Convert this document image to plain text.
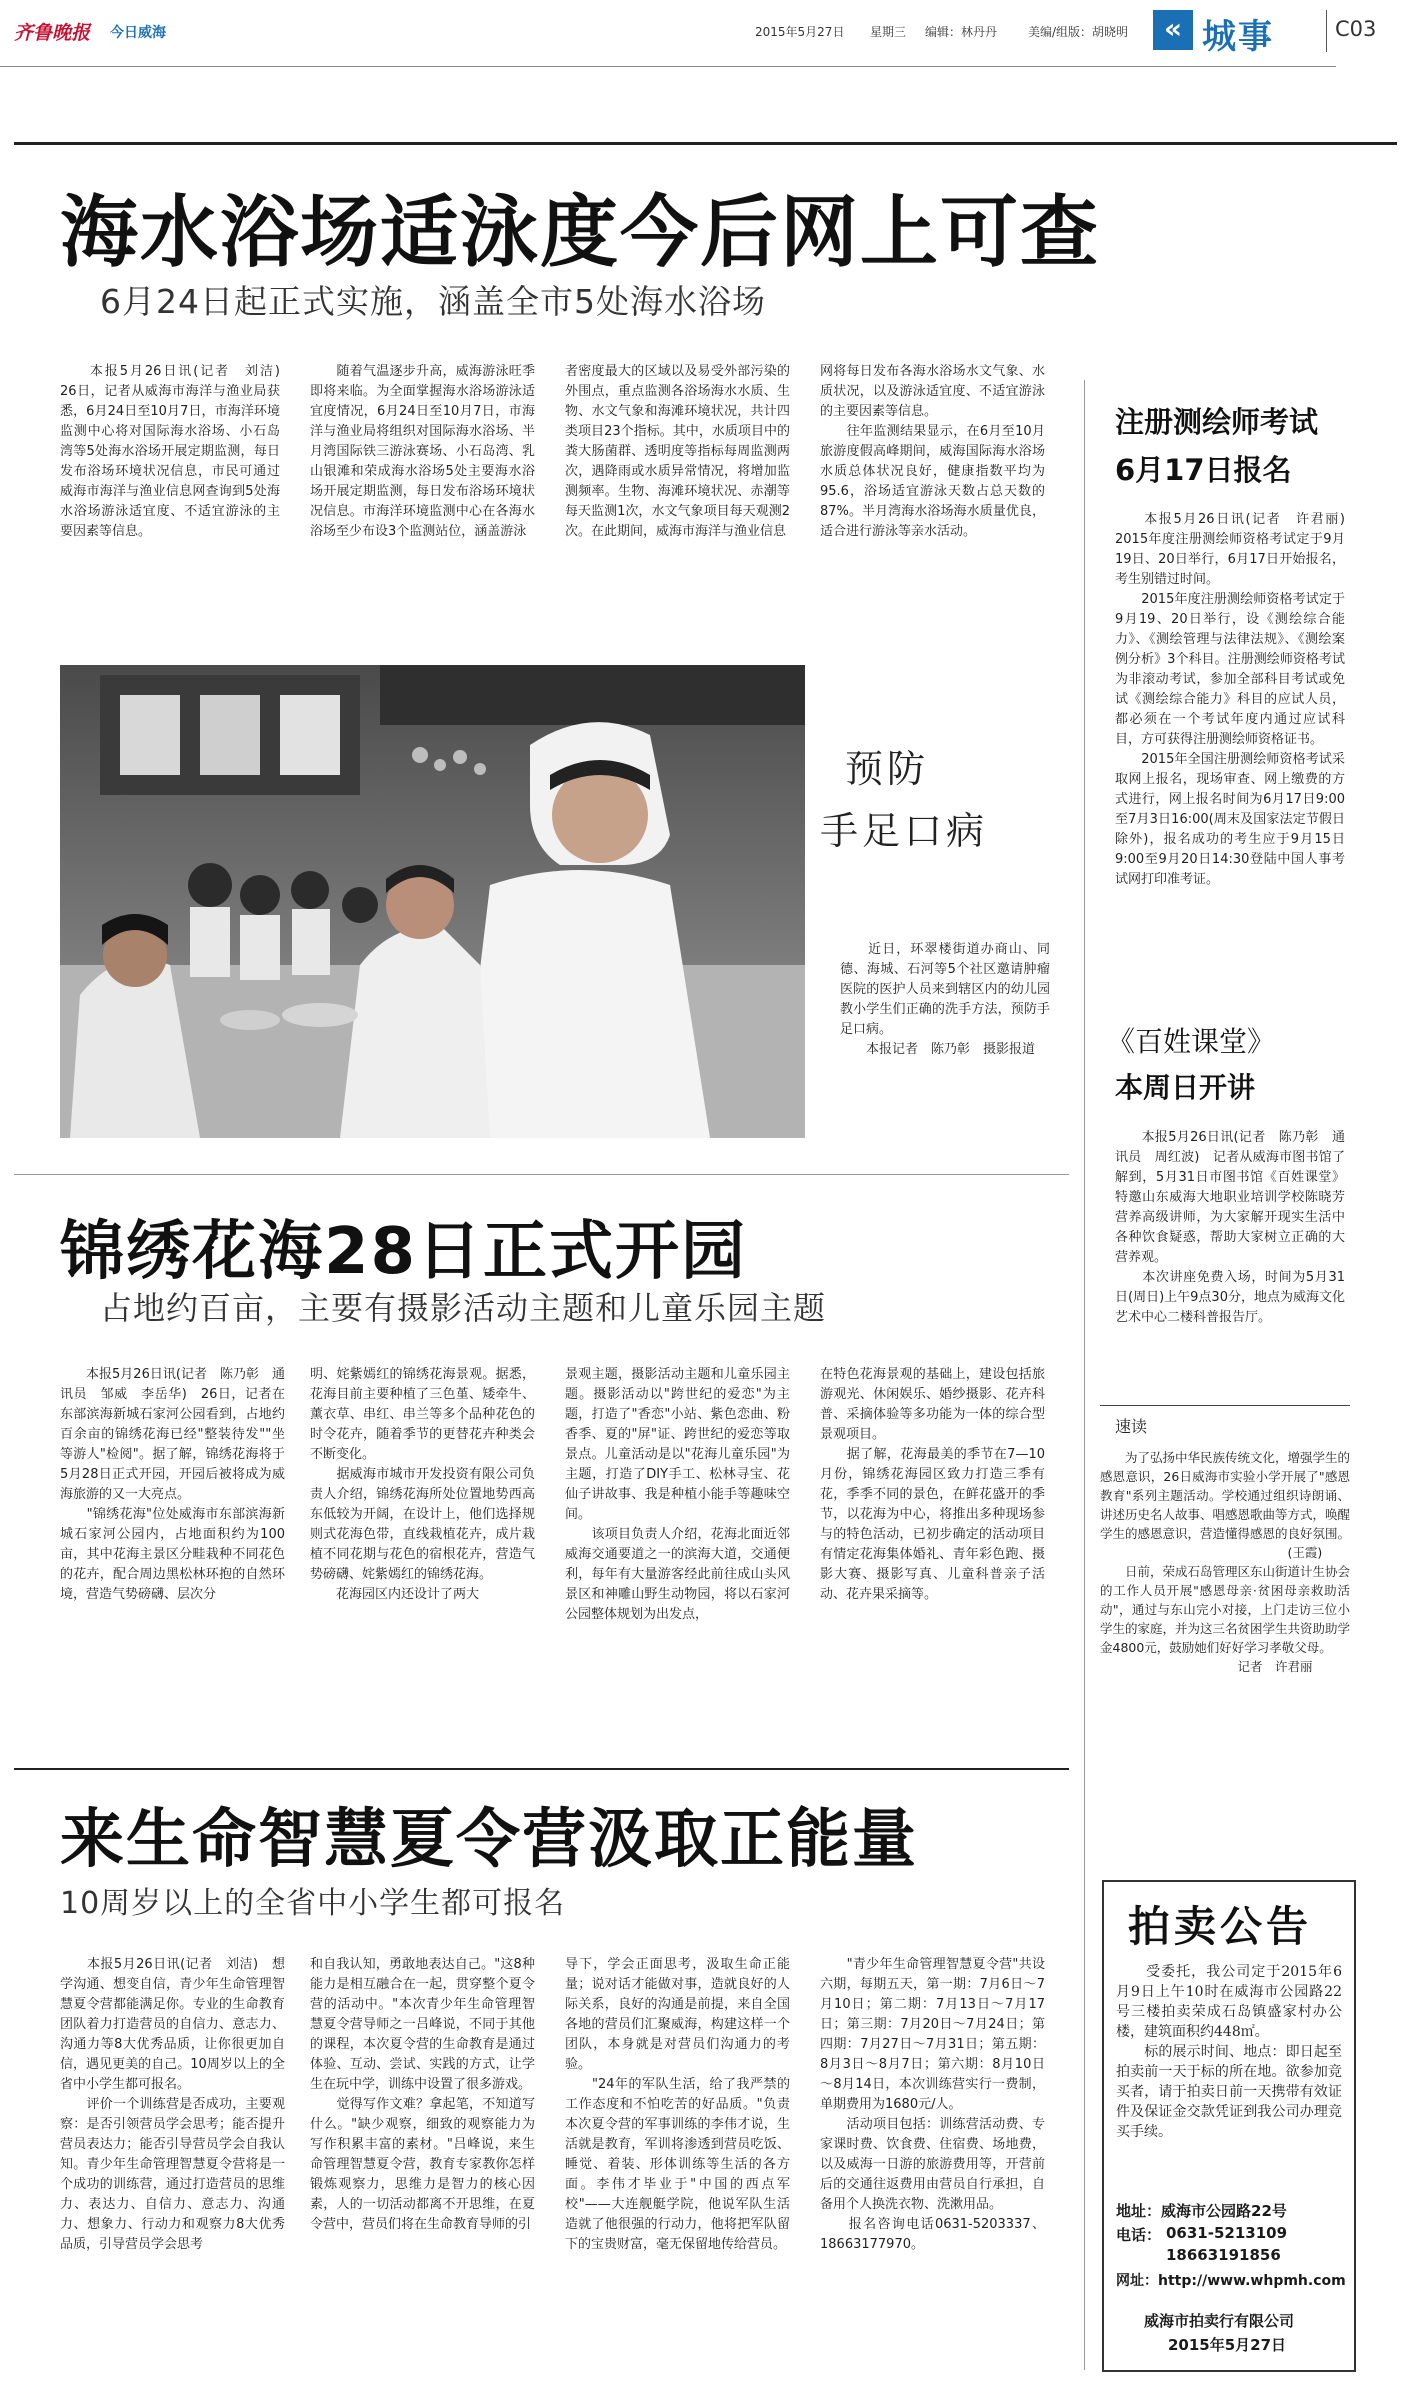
齐鲁晚报 今日威海	2015年5月27日 星期三 编辑：林丹丹	美编/组版：胡晓明	« 城事	C03
海水浴场适泳度今后网上可查
6月24日起正式实施，涵盖全市5处海水浴场
　　本报5月26日讯(记者　刘洁)　26日，记者从威海市海洋与渔业局获悉，6月24日至10月7日，市海洋环境监测中心将对国际海水浴场、小石岛湾等5处海水浴场开展定期监测，每日发布浴场环境状况信息，市民可通过威海市海洋与渔业信息网查询到5处海水浴场游泳适宜度、不适宜游泳的主要因素等信息。
　　随着气温逐步升高，威海游泳旺季即将来临。为全面掌握海水浴场游泳适宜度情况，6月24日至10月7日，市海洋与渔业局将组织对国际海水浴场、半月湾国际铁三游泳赛场、小石岛湾、乳山银滩和荣成海水浴场5处主要海水浴场开展定期监测，每日发布浴场环境状况信息。市海洋环境监测中心在各海水浴场至少布设3个监测站位，涵盖游泳
者密度最大的区域以及易受外部污染的外围点，重点监测各浴场海水水质、生物、水文气象和海滩环境状况，共计四类项目23个指标。其中，水质项目中的粪大肠菌群、透明度等指标每周监测两次，遇降雨或水质异常情况，将增加监测频率。生物、海滩环境状况、赤潮等每天监测1次，水文气象项目每天观测2次。在此期间，威海市海洋与渔业信息
网将每日发布各海水浴场水文气象、水质状况，以及游泳适宜度、不适宜游泳的主要因素等信息。
　　往年监测结果显示，在6月至10月旅游度假高峰期间，威海国际海水浴场水质总体状况良好，健康指数平均为95.6，浴场适宜游泳天数占总天数的87%。半月湾海水浴场海水质量优良，适合进行游泳等亲水活动。
预防
手足口病
　　近日，环翠楼街道办商山、同德、海城、石河等5个社区邀请肿瘤医院的医护人员来到辖区内的幼儿园教小学生们正确的洗手方法，预防手足口病。
　　本报记者　陈乃彰　摄影报道
锦绣花海28日正式开园
占地约百亩，主要有摄影活动主题和儿童乐园主题
　　本报5月26日讯(记者　陈乃彰　通讯员　邹威　李岳华)　26日，记者在东部滨海新城石家河公园看到，占地约百余亩的锦绣花海已经"整装待发""坐等游人"检阅"。据了解，锦绣花海将于5月28日正式开园，开园后被将成为威海旅游的又一大亮点。
　　"锦绣花海"位处威海市东部滨海新城石家河公园内，占地面积约为100亩，其中花海主景区分畦栽种不同花色的花卉，配合周边黑松林环抱的自然环境，营造气势磅礴、层次分
明、姹紫嫣红的锦绣花海景观。据悉，花海目前主要种植了三色堇、矮牵牛、薰衣草、串红、串兰等多个品种花色的时令花卉，随着季节的更替花卉种类会不断变化。
　　据威海市城市开发投资有限公司负责人介绍，锦绣花海所处位置地势西高东低较为开阔，在设计上，他们选择规则式花海色带，直线栽植花卉，成片栽植不同花期与花色的宿根花卉，营造气势磅礴、姹紫嫣红的锦绣花海。
　　花海园区内还设计了两大
景观主题，摄影活动主题和儿童乐园主题。摄影活动以"跨世纪的爱恋"为主题，打造了"香恋"小站、紫色恋曲、粉香季、夏的"屏"证、跨世纪的爱恋等取景点。儿童活动是以"花海儿童乐园"为主题，打造了DIY手工、松林寻宝、花仙子讲故事、我是种植小能手等趣味空间。
　　该项目负责人介绍，花海北面近邻威海交通要道之一的滨海大道，交通便利，每年有大量游客经此前往成山头风景区和神雕山野生动物园，将以石家河公园整体规划为出发点，
在特色花海景观的基础上，建设包括旅游观光、休闲娱乐、婚纱摄影、花卉科普、采摘体验等多功能为一体的综合型景观项目。
　　据了解，花海最美的季节在7—10月份，锦绣花海园区致力打造三季有花，季季不同的景色，在鲜花盛开的季节，以花海为中心，将推出多种现场参与的特色活动，已初步确定的活动项目有情定花海集体婚礼、青年彩色跑、摄影大赛、摄影写真、儿童科普亲子活动、花卉果采摘等。
来生命智慧夏令营汲取正能量
10周岁以上的全省中小学生都可报名
　　本报5月26日讯(记者　刘洁)　想学沟通、想变自信，青少年生命管理智慧夏令营都能满足你。专业的生命教育团队着力打造营员的自信力、意志力、沟通力等8大优秀品质，让你很更加自信，遇见更美的自己。10周岁以上的全省中小学生都可报名。
　　评价一个训练营是否成功，主要观察：是否引领营员学会思考；能否提升营员表达力；能否引导营员学会自我认知。青少年生命管理智慧夏令营将是一个成功的训练营，通过打造营员的思维力、表达力、自信力、意志力、沟通力、想象力、行动力和观察力8大优秀品质，引导营员学会思考
和自我认知，勇敢地表达自己。"这8种能力是相互融合在一起，贯穿整个夏令营的活动中。"本次青少年生命管理智慧夏令营导师之一吕峰说，不同于其他的课程，本次夏令营的生命教育是通过体验、互动、尝试、实践的方式，让学生在玩中学，训练中设置了很多游戏。
　　觉得写作文难？拿起笔，不知道写什么。"缺少观察，细致的观察能力为写作积累丰富的素材。"吕峰说，来生命管理智慧夏令营，教育专家教你怎样锻炼观察力，思维力是智力的核心因素，人的一切活动都离不开思维，在夏令营中，营员们将在生命教育导师的引
导下，学会正面思考，汲取生命正能量；说对话才能做对事，造就良好的人际关系，良好的沟通是前提，来自全国各地的营员们汇聚威海，构建这样一个团队，本身就是对营员们沟通力的考验。
　　"24年的军队生活，给了我严禁的工作态度和不怕吃苦的好品质。"负责本次夏令营的军事训练的李伟才说，生活就是教育，军训将渗透到营员吃饭、睡觉、着装、形体训练等生活的各方面。李伟才毕业于"中国的西点军校"——大连舰艇学院，他说军队生活造就了他很强的行动力，他将把军队留下的宝贵财富，毫无保留地传给营员。
　　"青少年生命管理智慧夏令营"共设六期，每期五天，第一期：7月6日～7月10日；第二期：7月13日～7月17日；第三期：7月20日～7月24日；第四期：7月27日～7月31日；第五期：8月3日～8月7日；第六期：8月10日～8月14日，本次训练营实行一费制，单期费用为1680元/人。
　　活动项目包括：训练营活动费、专家课时费、饮食费、住宿费、场地费，以及威海一日游的旅游费用等，开营前后的交通往返费用由营员自行承担，自备用个人换洗衣物、洗漱用品。
　　报名咨询电话0631-5203337、18663177970。
注册测绘师考试
6月17日报名
　　本报5月26日讯(记者　许君丽)　2015年度注册测绘师资格考试定于9月19日、20日举行，6月17日开始报名，考生别错过时间。
　　2015年度注册测绘师资格考试定于9月19、20日举行，设《测绘综合能力》、《测绘管理与法律法规》、《测绘案例分析》3个科目。注册测绘师资格考试为非滚动考试，参加全部科目考试或免试《测绘综合能力》科目的应试人员，都必须在一个考试年度内通过应试科目，方可获得注册测绘师资格证书。
　　2015年全国注册测绘师资格考试采取网上报名，现场审查、网上缴费的方式进行，网上报名时间为6月17日9:00至7月3日16:00(周末及国家法定节假日除外)，报名成功的考生应于9月15日9:00至9月20日14:30登陆中国人事考试网打印准考证。
《百姓课堂》
本周日开讲
　　本报5月26日讯(记者　陈乃彰　通讯员　周红波)　记者从威海市图书馆了解到，5月31日市图书馆《百姓课堂》特邀山东威海大地职业培训学校陈晓芳营养高级讲师，为大家解开现实生活中各种饮食疑惑，帮助大家树立正确的大营养观。
　　本次讲座免费入场，时间为5月31日(周日)上午9点30分，地点为威海文化艺术中心二楼科普报告厅。
速读
　　为了弘扬中华民族传统文化，增强学生的感恩意识，26日威海市实验小学开展了"感恩教育"系列主题活动。学校通过组织诗朗诵、讲述历史名人故事、唱感恩歌曲等方式，唤醒学生的感恩意识，营造懂得感恩的良好氛围。
　　　　　　　　　　　　　　　(王霞)
　　日前，荣成石岛管理区东山街道计生协会的工作人员开展"感恩母亲·贫困母亲救助活动"，通过与东山完小对接，上门走访三位小学生的家庭，并为这三名贫困学生共资助助学金4800元，鼓励她们好好学习孝敬父母。
　　　　　　　　　　　记者　许君丽
拍卖公告
　　受委托，我公司定于2015年6月9日上午10时在威海市公园路22号三楼拍卖荣成石岛镇盛家村办公楼，建筑面积约448㎡。
　　标的展示时间、地点：即日起至拍卖前一天于标的所在地。欲参加竞买者，请于拍卖日前一天携带有效证件及保证金交款凭证到我公司办理竞买手续。
地址：威海市公园路22号
电话： 0631-5213109
18663191856
网址：http://www.whpmh.com
威海市拍卖行有限公司
2015年5月27日
